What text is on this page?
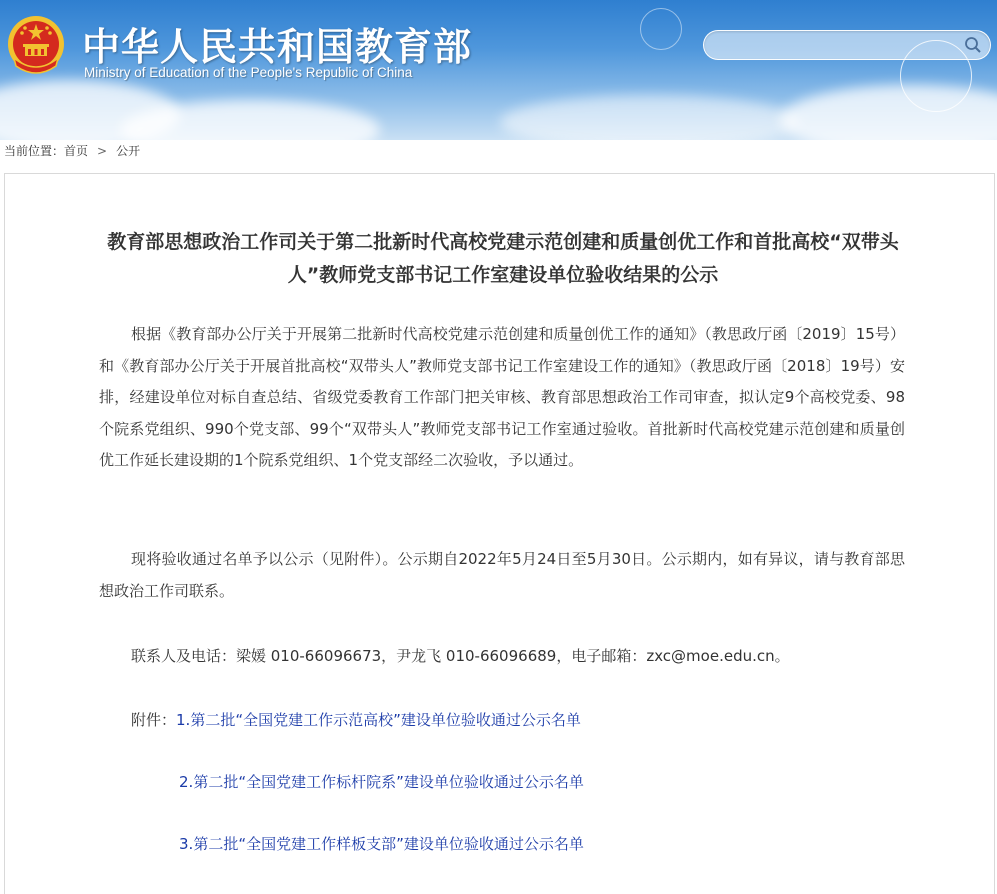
中华人民共和国教育部
Ministry of Education of the People's Republic of China
当前位置：首页 > 公开
教育部思想政治工作司关于第二批新时代高校党建示范创建和质量创优工作和首批高校“双带头人”教师党支部书记工作室建设单位验收结果的公示

根据《教育部办公厅关于开展第二批新时代高校党建示范创建和质量创优工作的通知》（教思政厅函〔2019〕15号）和《教育部办公厅关于开展首批高校“双带头人”教师党支部书记工作室建设工作的通知》（教思政厅函〔2018〕19号）安排，经建设单位对标自查总结、省级党委教育工作部门把关审核、教育部思想政治工作司审查，拟认定9个高校党委、98个院系党组织、990个党支部、99个“双带头人”教师党支部书记工作室通过验收。首批新时代高校党建示范创建和质量创优工作延长建设期的1个院系党组织、1个党支部经二次验收，予以通过。

现将验收通过名单予以公示（见附件）。公示期自2022年5月24日至5月30日。公示期内，如有异议，请与教育部思想政治工作司联系。

联系人及电话：梁媛 010-66096673，尹龙飞 010-66096689，电子邮箱：zxc@moe.edu.cn。

附件：1.第二批“全国党建工作示范高校”建设单位验收通过公示名单
2.第二批“全国党建工作标杆院系”建设单位验收通过公示名单
3.第二批“全国党建工作样板支部”建设单位验收通过公示名单
